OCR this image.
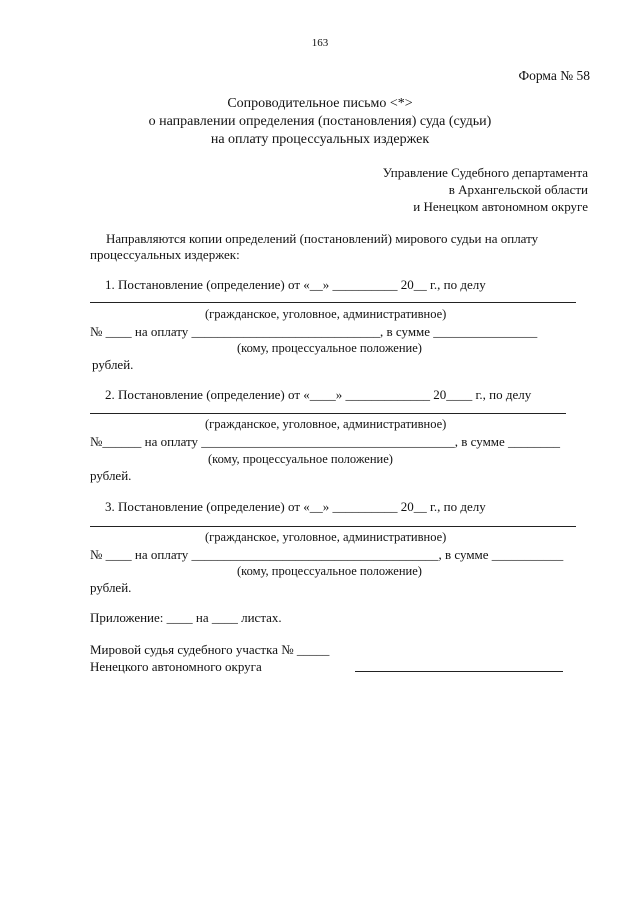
163
Форма № 58
Сопроводительное письмо <*>
о направлении определения (постановления) суда (судьи)
на оплату процессуальных издержек
Управление Судебного департамента
в Архангельской области
и Ненецком автономном округе
Направляются копии определений (постановлений) мирового судьи на оплату
процессуальных издержек:
1. Постановление (определение) от «__» __________ 20__ г., по делу
(гражданское, уголовное, административное)
№ ____ на оплату _____________________________, в сумме ________________
(кому, процессуальное положение)
рублей.
2. Постановление (определение) от «____» _____________ 20____ г., по делу
(гражданское, уголовное, административное)
№______ на оплату _______________________________________, в сумме ________
(кому, процессуальное положение)
рублей.
3. Постановление (определение) от «__» __________ 20__ г., по делу
(гражданское, уголовное, административное)
№ ____ на оплату ______________________________________, в сумме ___________
(кому, процессуальное положение)
рублей.
Приложение: ____ на ____ листах.
Мировой судья судебного участка № _____
Ненецкого автономного округа
